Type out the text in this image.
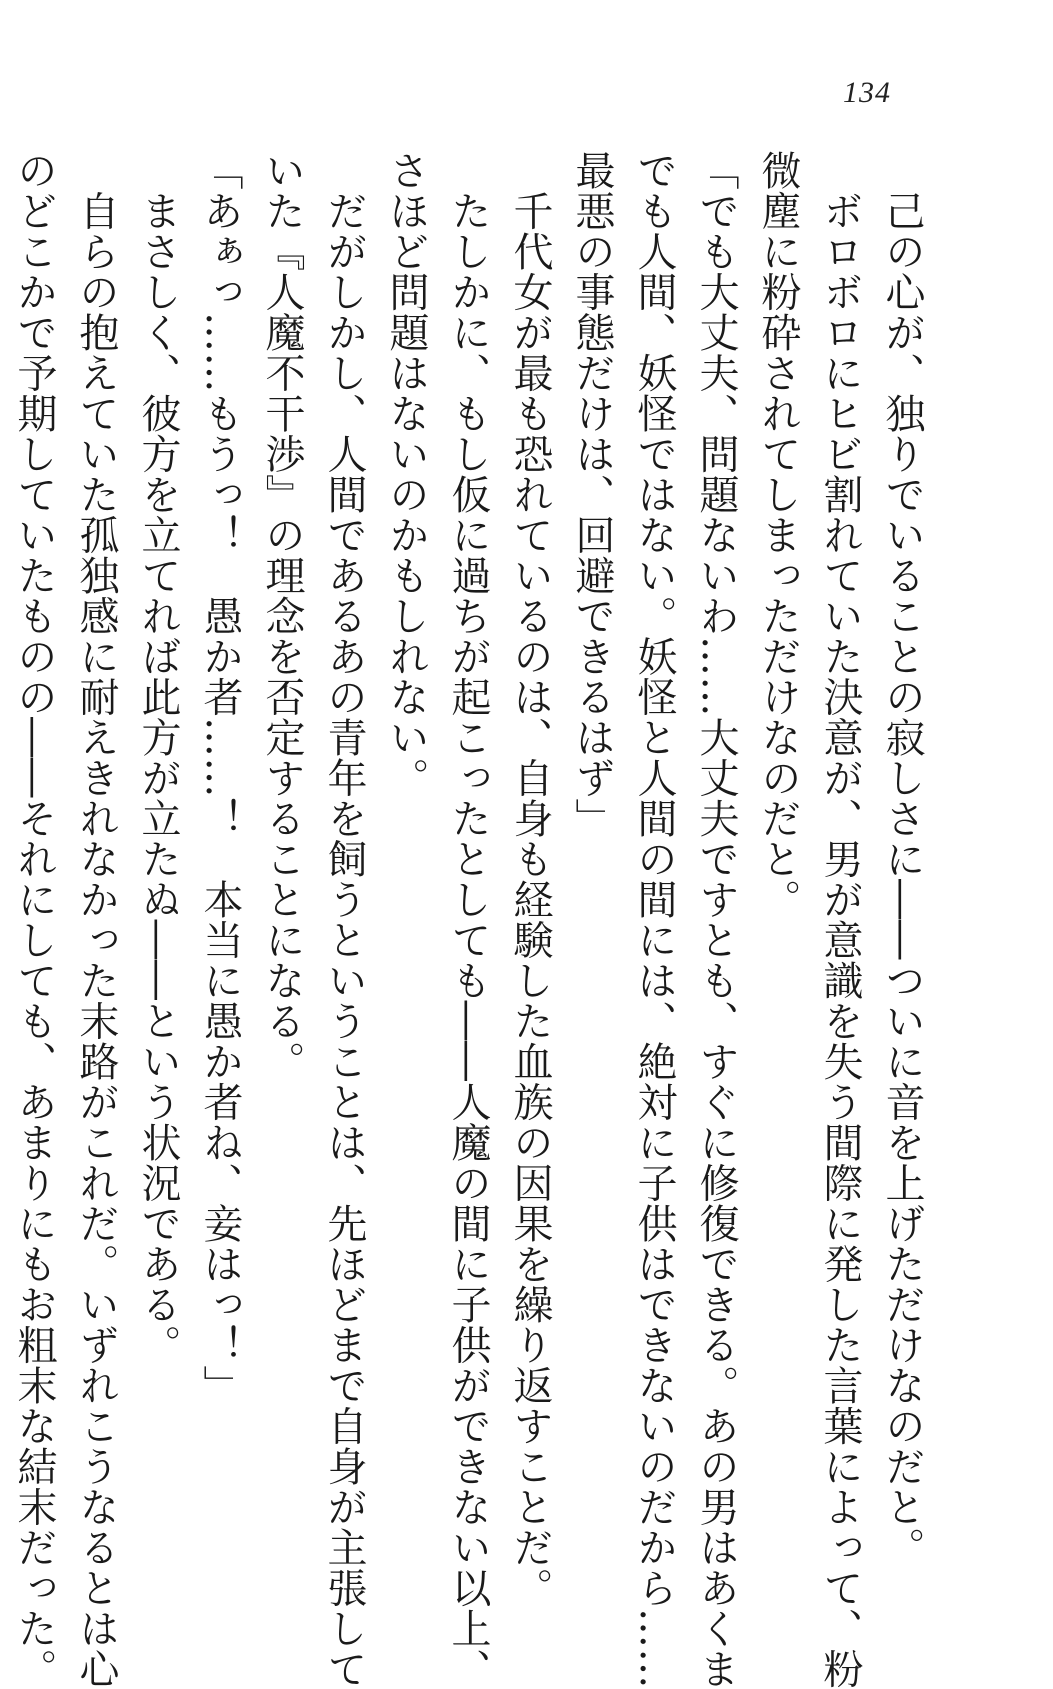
134
　己の心が、独りでいることの寂しさに――ついに音を上げただけなのだと。
　ボロボロにヒビ割れていた決意が、男が意識を失う間際に発した言葉によって、粉
微塵に粉砕されてしまっただけなのだと。
「でも大丈夫、問題ないわ……大丈夫ですとも、すぐに修復できる。あの男はあくま
でも人間、妖怪ではない。妖怪と人間の間には、絶対に子供はできないのだから……
最悪の事態だけは、回避できるはず」
　千代女が最も恐れているのは、自身も経験した血族の因果を繰り返すことだ。
　たしかに、もし仮に過ちが起こったとしても――人魔の間に子供ができない以上、
さほど問題はないのかもしれない。
　だがしかし、人間であるあの青年を飼うということは、先ほどまで自身が主張して
いた『人魔不干渉』の理念を否定することになる。
「あぁっ……もうっ！　愚か者……！　本当に愚か者ね、妾はっ！」
　まさしく、彼方を立てれば此方が立たぬ――という状況である。
　自らの抱えていた孤独感に耐えきれなかった末路がこれだ。いずれこうなるとは心
のどこかで予期していたものの――それにしても、あまりにもお粗末な結末だった。
